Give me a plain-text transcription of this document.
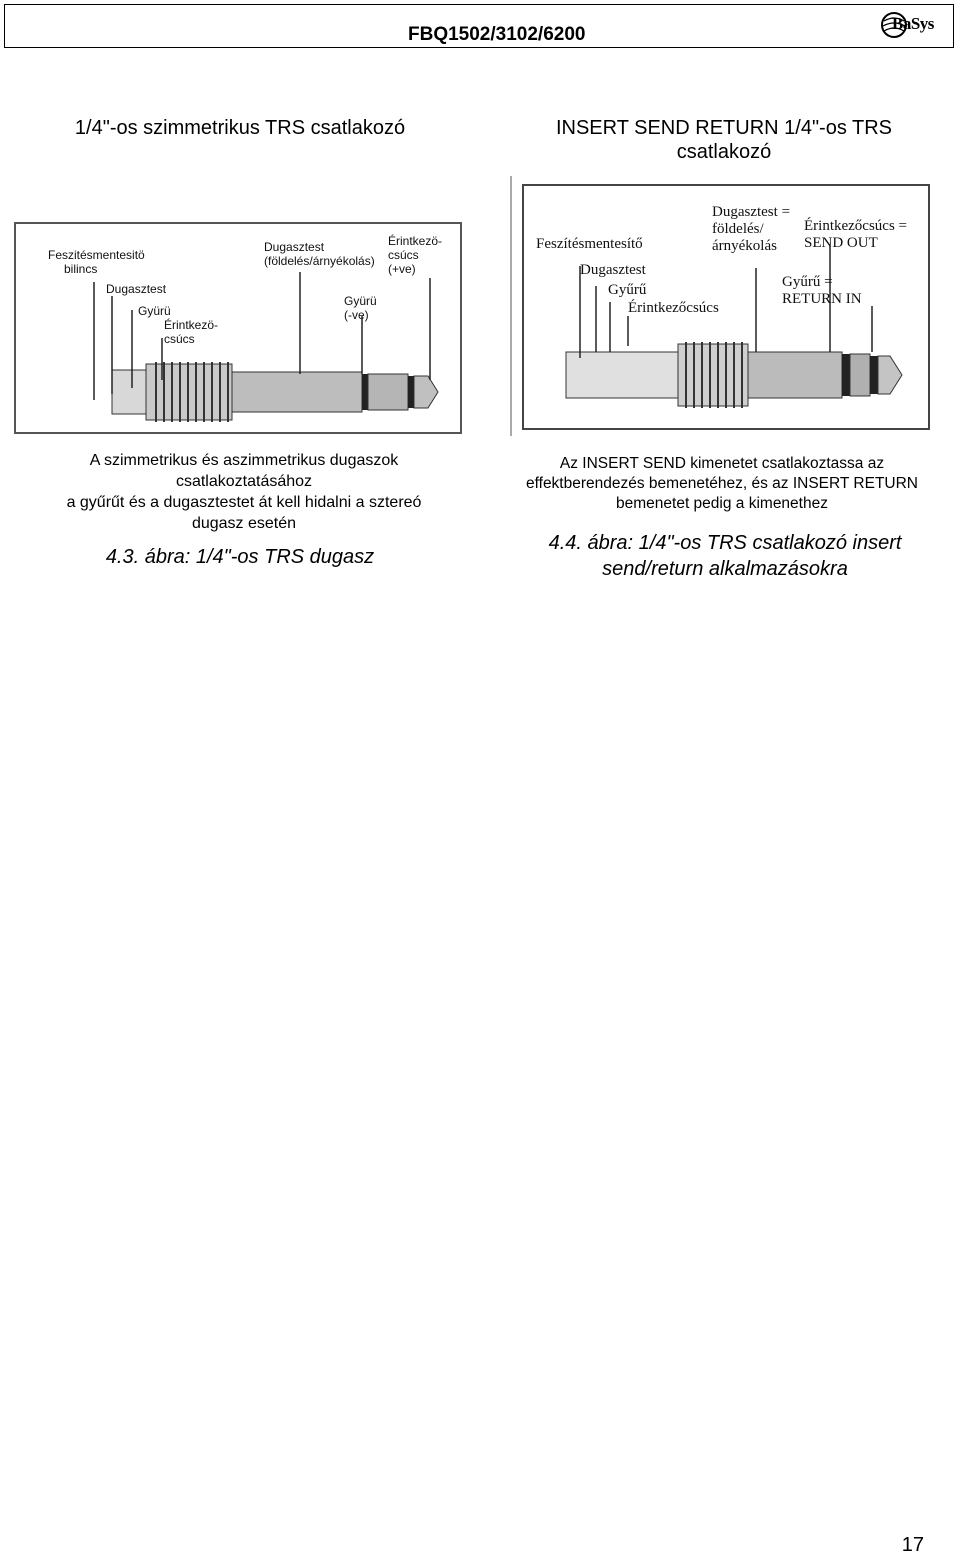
FBQ1502/3102/6200
BaSys
1/4"-os szimmetrikus TRS csatlakozó	INSERT SEND RETURN 1/4"-os TRS
csatlakozó
Feszitésmentesitö
bilincs
Dugasztest
Gyürü
Érintkezö-
csúcs
Dugasztest
(földelés/árnyékolás)
Gyürü
(-ve)
Érintkezö-
csúcs
(+ve)
Feszítésmentesítő
Dugasztest
Gyűrű
Érintkezőcsúcs
Dugasztest =
földelés/
árnyékolás
Érintkezőcsúcs =
SEND OUT
Gyűrű =
RETURN IN
A szimmetrikus és aszimmetrikus dugaszok
csatlakoztatásához
a gyűrűt és a dugasztestet át kell hidalni a sztereó
dugasz esetén
Az INSERT SEND kimenetet csatlakoztassa az
effektberendezés bemenetéhez, és az INSERT RETURN
bemenetet pedig a kimenethez
4.3. ábra: 1/4"-os TRS dugasz
4.4. ábra: 1/4"-os TRS csatlakozó insert
send/return alkalmazásokra
17
